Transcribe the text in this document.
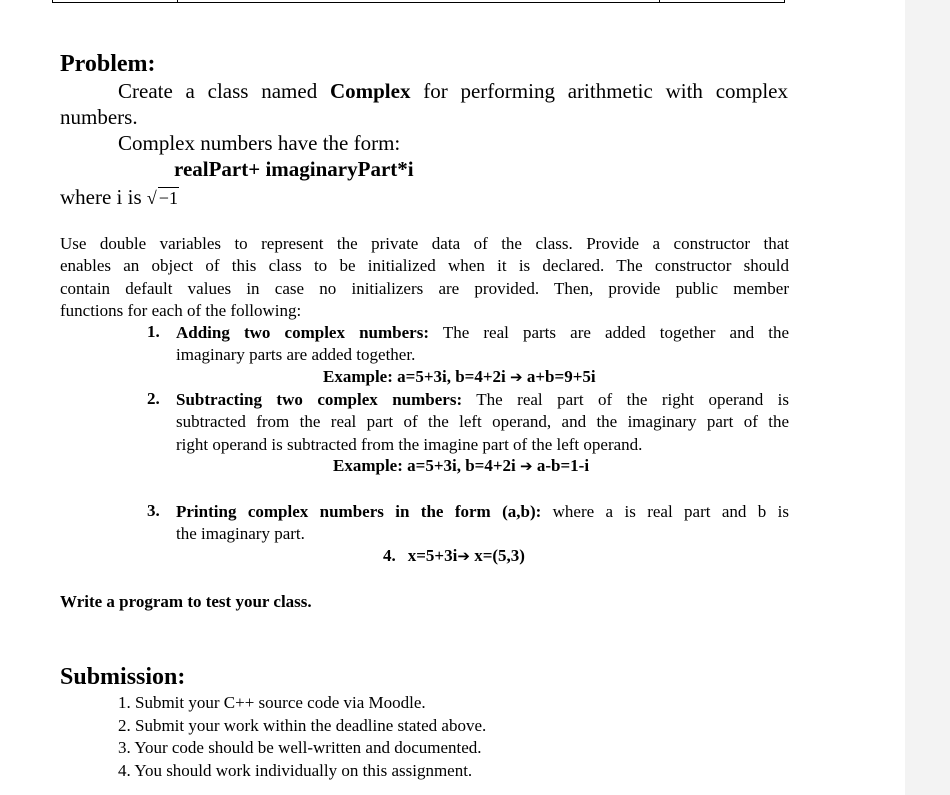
Problem:
Create a class named Complex for performing arithmetic with complex
numbers.
Complex numbers have the form:
realPart+ imaginaryPart*i
where i is √ −1
Use double variables to represent the private data of the class. Provide a constructor that
enables an object of this class to be initialized when it is declared. The constructor should
contain default values in case no initializers are provided. Then, provide public member
functions for each of the following:
1. Adding two complex numbers: The real parts are added together and the
imaginary parts are added together.
Example: a=5+3i, b=4+2i ➔ a+b=9+5i
2. Subtracting two complex numbers: The real part of the right operand is
subtracted from the real part of the left operand, and the imaginary part of the
right operand is subtracted from the imagine part of the left operand.
Example: a=5+3i, b=4+2i ➔ a-b=1-i
3. Printing complex numbers in the form (a,b): where a is real part and b is
the imaginary part.
4. x=5+3i➔ x=(5,3)
Write a program to test your class.
Submission:
1. Submit your C++ source code via Moodle.
2. Submit your work within the deadline stated above.
3. Your code should be well-written and documented.
4. You should work individually on this assignment.
